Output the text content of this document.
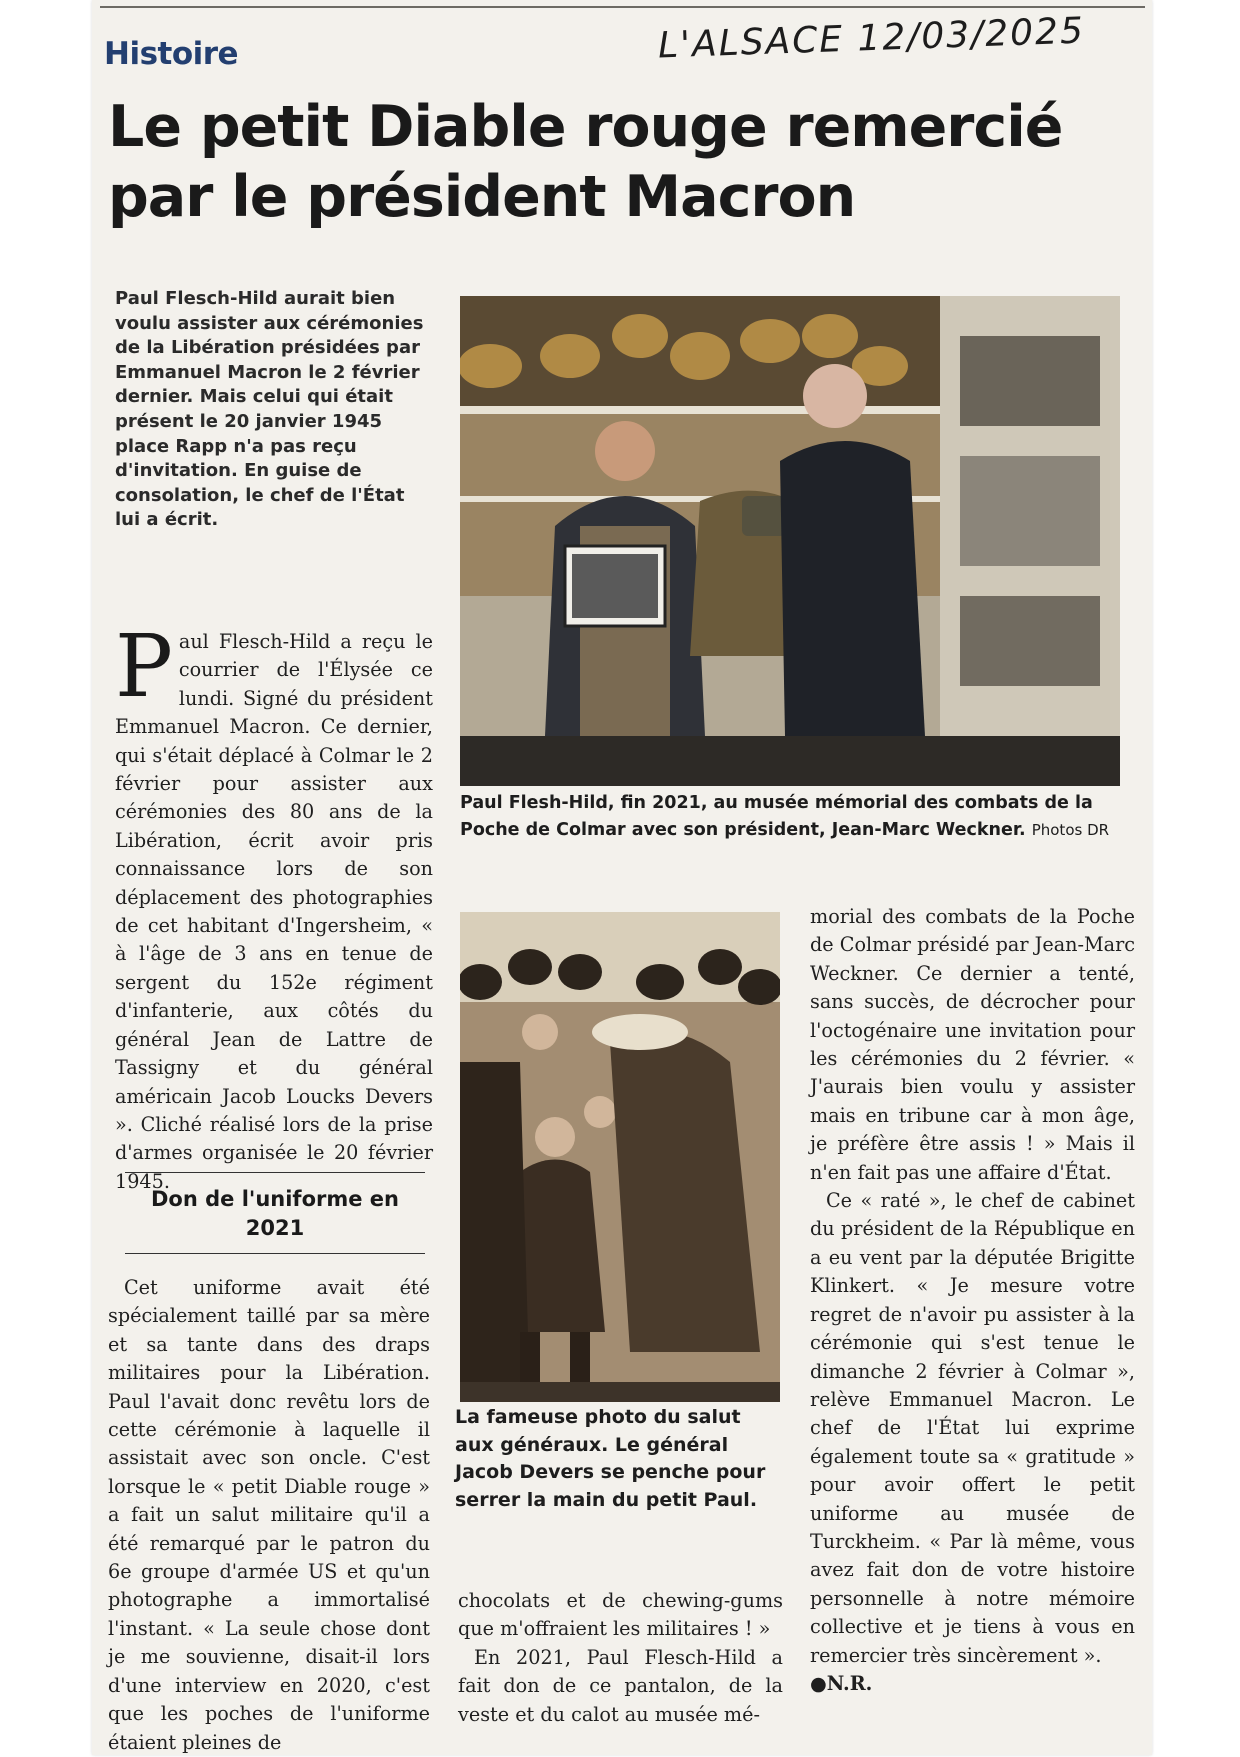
Histoire	L'ALSACE 12/03/2025
Le petit Diable rouge remercié
par le président Macron
Paul Flesch-Hild aurait bien voulu assister aux cérémonies de la Libération présidées par Emmanuel Macron le 2 février dernier. Mais celui qui était présent le 20 janvier 1945 place Rapp n'a pas reçu d'invitation. En guise de consolation, le chef de l'État lui a écrit.

Paul Flesch-Hild a reçu le courrier de l'Élysée ce lundi. Signé du président Emmanuel Macron. Ce dernier, qui s'était déplacé à Colmar le 2 février pour assister aux cérémonies des 80 ans de la Libération, écrit avoir pris connaissance lors de son déplacement des photographies de cet habitant d'Ingersheim, « à l'âge de 3 ans en tenue de sergent du 152e régiment d'infanterie, aux côtés du général Jean de Lattre de Tassigny et du général américain Jacob Loucks Devers ». Cliché réalisé lors de la prise d'armes organisée le 20 février 1945.

Don de l'uniforme en 2021

Cet uniforme avait été spécialement taillé par sa mère et sa tante dans des draps militaires pour la Libération. Paul l'avait donc revêtu lors de cette cérémonie à laquelle il assistait avec son oncle. C'est lorsque le « petit Diable rouge » a fait un salut militaire qu'il a été remarqué par le patron du 6e groupe d'armée US et qu'un photographe a immortalisé l'instant. « La seule chose dont je me souvienne, disait-il lors d'une interview en 2020, c'est que les poches de l'uniforme étaient pleines de

Paul Flesh-Hild, fin 2021, au musée mémorial des combats de la Poche de Colmar avec son président, Jean-Marc Weckner. Photos DR
La fameuse photo du salut aux généraux. Le général Jacob Devers se penche pour serrer la main du petit Paul.

chocolats et de chewing-gums que m'offraient les militaires ! »

En 2021, Paul Flesch-Hild a fait don de ce pantalon, de la veste et du calot au musée mé-

morial des combats de la Poche de Colmar présidé par Jean-Marc Weckner. Ce dernier a tenté, sans succès, de décrocher pour l'octogénaire une invitation pour les cérémonies du 2 février. « J'aurais bien voulu y assister mais en tribune car à mon âge, je préfère être assis ! » Mais il n'en fait pas une affaire d'État.

Ce « raté », le chef de cabinet du président de la République en a eu vent par la députée Brigitte Klinkert. « Je mesure votre regret de n'avoir pu assister à la cérémonie qui s'est tenue le dimanche 2 février à Colmar », relève Emmanuel Macron. Le chef de l'État lui exprime également toute sa « gratitude » pour avoir offert le petit uniforme au musée de Turckheim. « Par là même, vous avez fait don de votre histoire personnelle à notre mémoire collective et je tiens à vous en remercier très sincèrement ».

●N.R.
